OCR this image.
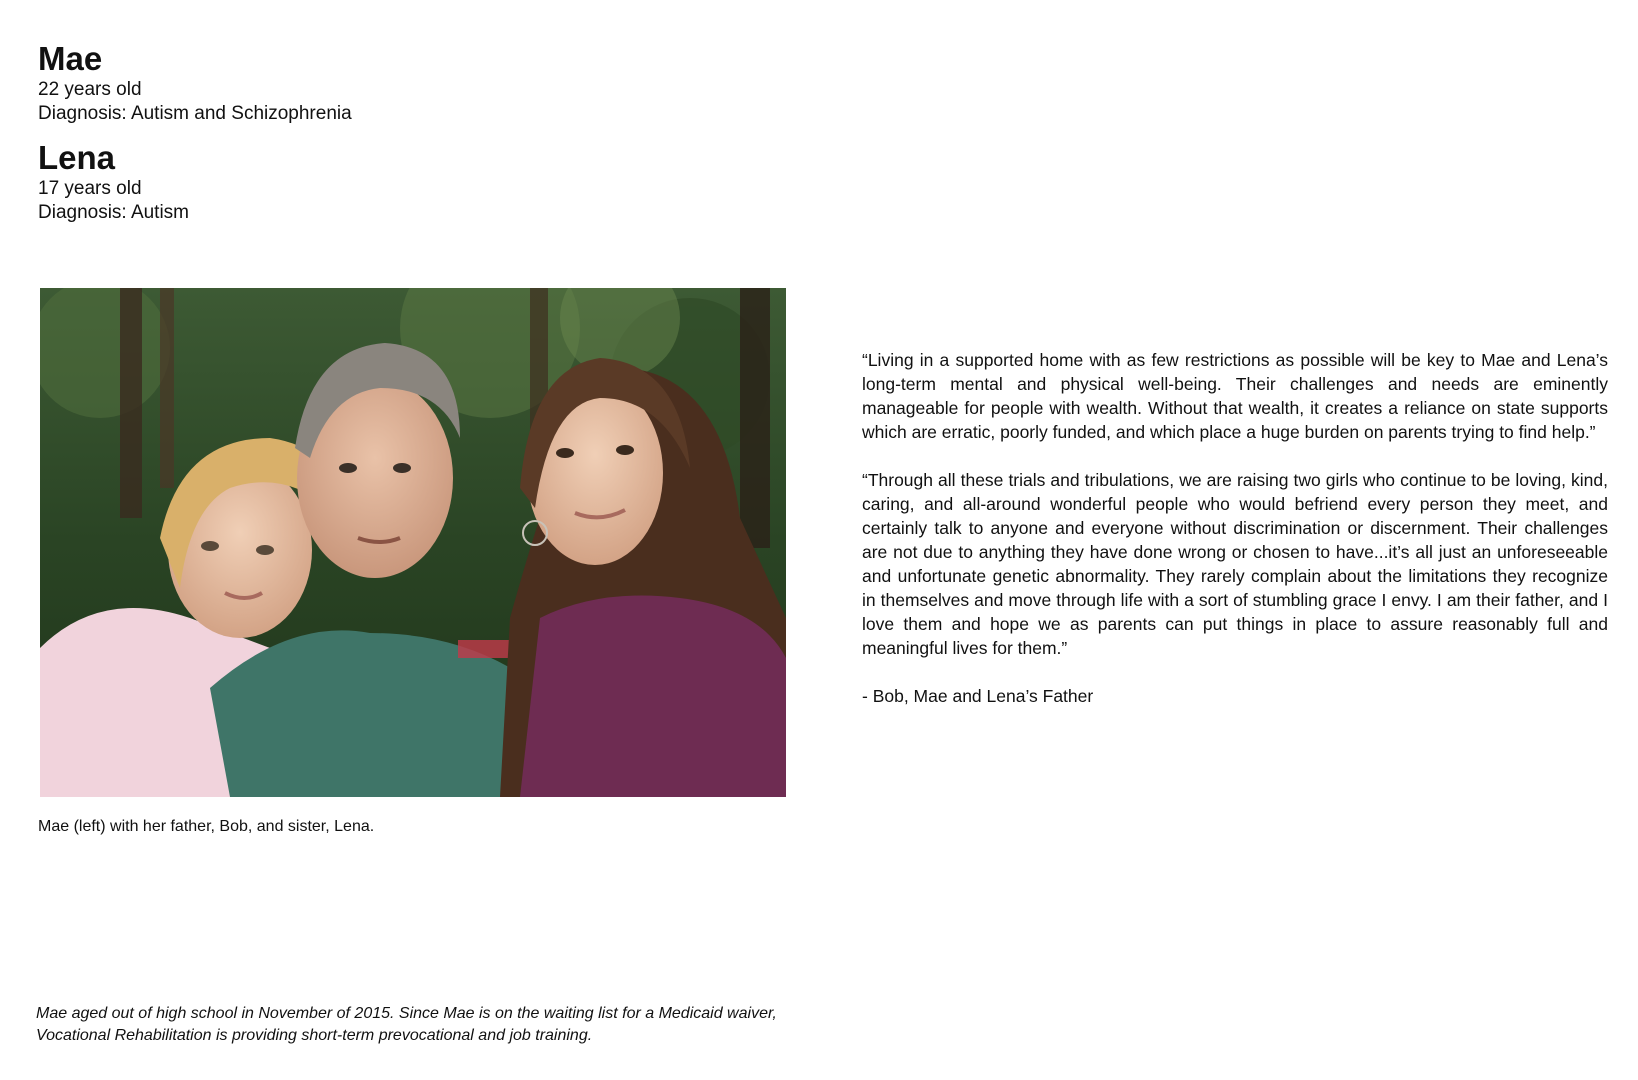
Mae

22 years old

Diagnosis: Autism and Schizophrenia

Lena

17 years old

Diagnosis: Autism

Mae (left) with her father, Bob, and sister, Lena.

“Living in a supported home with as few restrictions as possible will be key to Mae and Lena’s long-term mental and physical well-being. Their challenges and needs are eminently manageable for people with wealth. Without that wealth, it creates a reliance on state supports which are erratic, poorly funded, and which place a huge burden on parents trying to find help.”

“Through all these trials and tribulations, we are raising two girls who continue to be loving, kind, caring, and all-around wonderful people who would befriend every person they meet, and certainly talk to anyone and everyone without discrimination or discernment. Their challenges are not due to anything they have done wrong or chosen to have...it’s all just an unforeseeable and unfortunate genetic abnormality. They rarely complain about the limitations they recognize in themselves and move through life with a sort of stumbling grace I envy. I am their father, and I love them and hope we as parents can put things in place to assure reasonably full and meaningful lives for them.”

- Bob, Mae and Lena’s Father

Mae aged out of high school in November of 2015. Since Mae is on the waiting list for a Medicaid waiver, Vocational Rehabilitation is providing short-term prevocational and job training.
